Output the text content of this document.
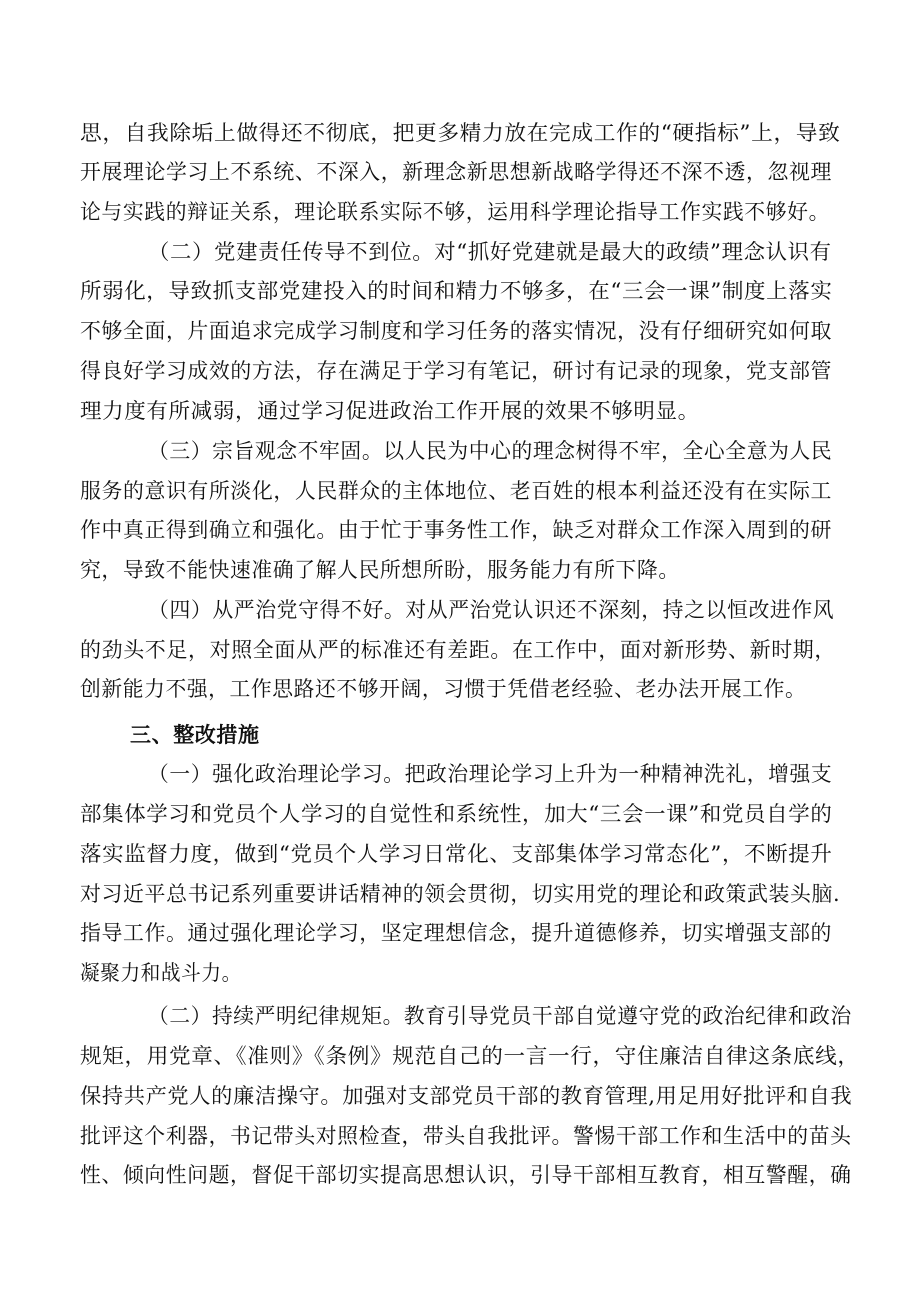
思，自我除垢上做得还不彻底，把更多精力放在完成工作的“硬指标”上，导致
开展理论学习上不系统、不深入，新理念新思想新战略学得还不深不透，忽视理
论与实践的辩证关系，理论联系实际不够，运用科学理论指导工作实践不够好。
（二）党建责任传导不到位。对“抓好党建就是最大的政绩”理念认识有
所弱化，导致抓支部党建投入的时间和精力不够多，在“三会一课”制度上落实
不够全面，片面追求完成学习制度和学习任务的落实情况，没有仔细研究如何取
得良好学习成效的方法，存在满足于学习有笔记，研讨有记录的现象，党支部管
理力度有所减弱，通过学习促进政治工作开展的效果不够明显。
（三）宗旨观念不牢固。以人民为中心的理念树得不牢，全心全意为人民
服务的意识有所淡化，人民群众的主体地位、老百姓的根本利益还没有在实际工
作中真正得到确立和强化。由于忙于事务性工作，缺乏对群众工作深入周到的研
究，导致不能快速准确了解人民所想所盼，服务能力有所下降。
（四）从严治党守得不好。对从严治党认识还不深刻，持之以恒改进作风
的劲头不足，对照全面从严的标准还有差距。在工作中，面对新形势、新时期，
创新能力不强，工作思路还不够开阔，习惯于凭借老经验、老办法开展工作。
三、整改措施
（一）强化政治理论学习。把政治理论学习上升为一种精神洗礼，增强支
部集体学习和党员个人学习的自觉性和系统性，加大“三会一课”和党员自学的
落实监督力度，做到“党员个人学习日常化、支部集体学习常态化”，不断提升
对习近平总书记系列重要讲话精神的领会贯彻，切实用党的理论和政策武装头脑.
指导工作。通过强化理论学习，坚定理想信念，提升道德修养，切实增强支部的
凝聚力和战斗力。
（二）持续严明纪律规矩。教育引导党员干部自觉遵守党的政治纪律和政治
规矩，用党章、《准则》《条例》规范自己的一言一行，守住廉洁自律这条底线，
保持共产党人的廉洁操守。加强对支部党员干部的教育管理,用足用好批评和自我
批评这个利器，书记带头对照检查，带头自我批评。警惕干部工作和生活中的苗头
性、倾向性问题，督促干部切实提高思想认识，引导干部相互教育，相互警醒，确
